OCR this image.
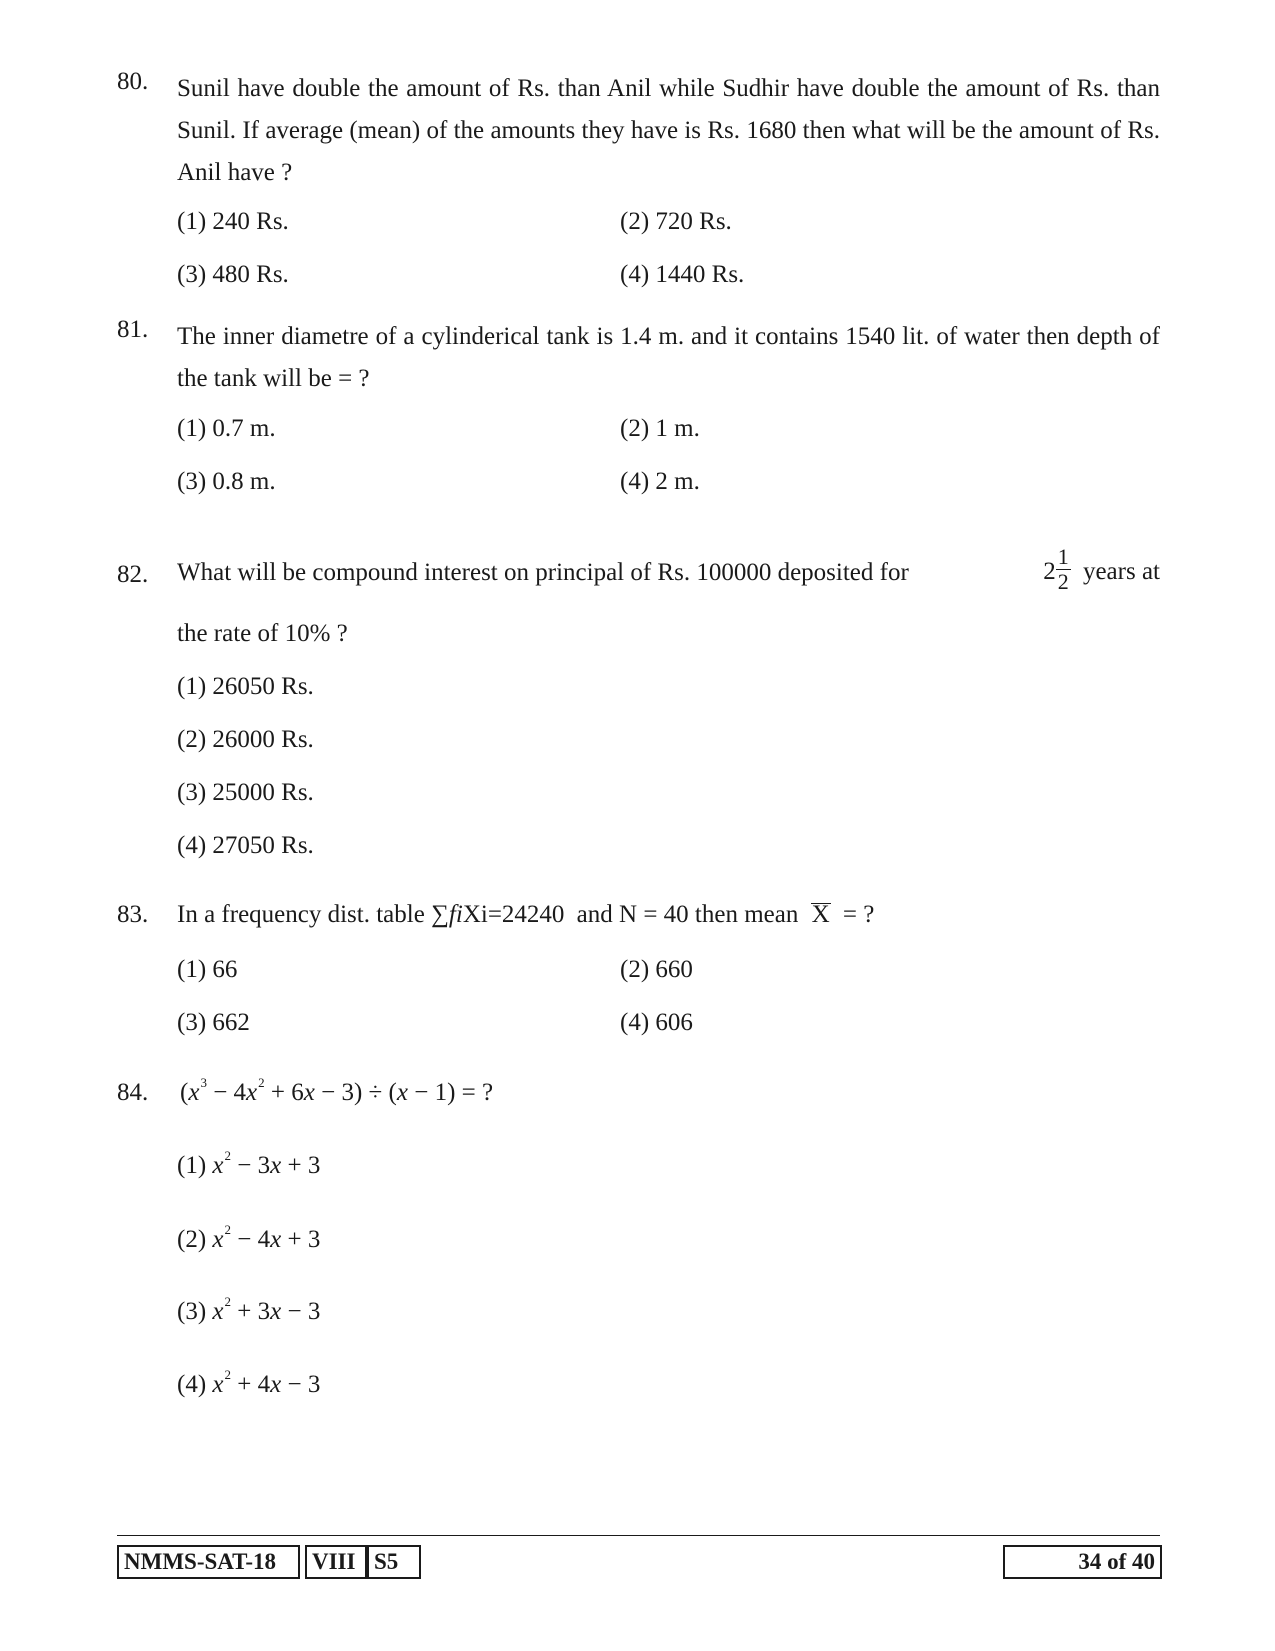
80. Sunil have double the amount of Rs. than Anil while Sudhir have double the amount of Rs. than Sunil. If average (mean) of the amounts they have is Rs. 1680 then what will be the amount of Rs. Anil have ?
(1) 240 Rs.	(2) 720 Rs.
(3) 480 Rs.	(4) 1440 Rs.
81. The inner diametre of a cylinderical tank is 1.4 m. and it contains 1540 lit. of water then depth of the tank will be = ?
(1) 0.7 m.	(2) 1 m.
(3) 0.8 m.	(4) 2 m.
82. What will be compound interest on principal of Rs. 100000 deposited for	$2 \frac{1}{2}$ years at
the rate of 10% ?
(1) 26050 Rs.
(2) 26000 Rs.
(3) 25000 Rs.
(4) 27050 Rs.
83. In a frequency dist. table ∑fiXi=24240 and N = 40 then mean X = ?
(1) 66	(2) 660
(3) 662	(4) 606
84. $(x^3 - 4x^2 + 6x - 3) \div (x - 1)$ = ?
(1) $x^2 - 3x + 3$
(2) $x^2 - 4x + 3$
(3) $x^2 + 3x - 3$
(4) $x^2 + 4x - 3$
NMMS-SAT-18	VIII S5	34 of 40
